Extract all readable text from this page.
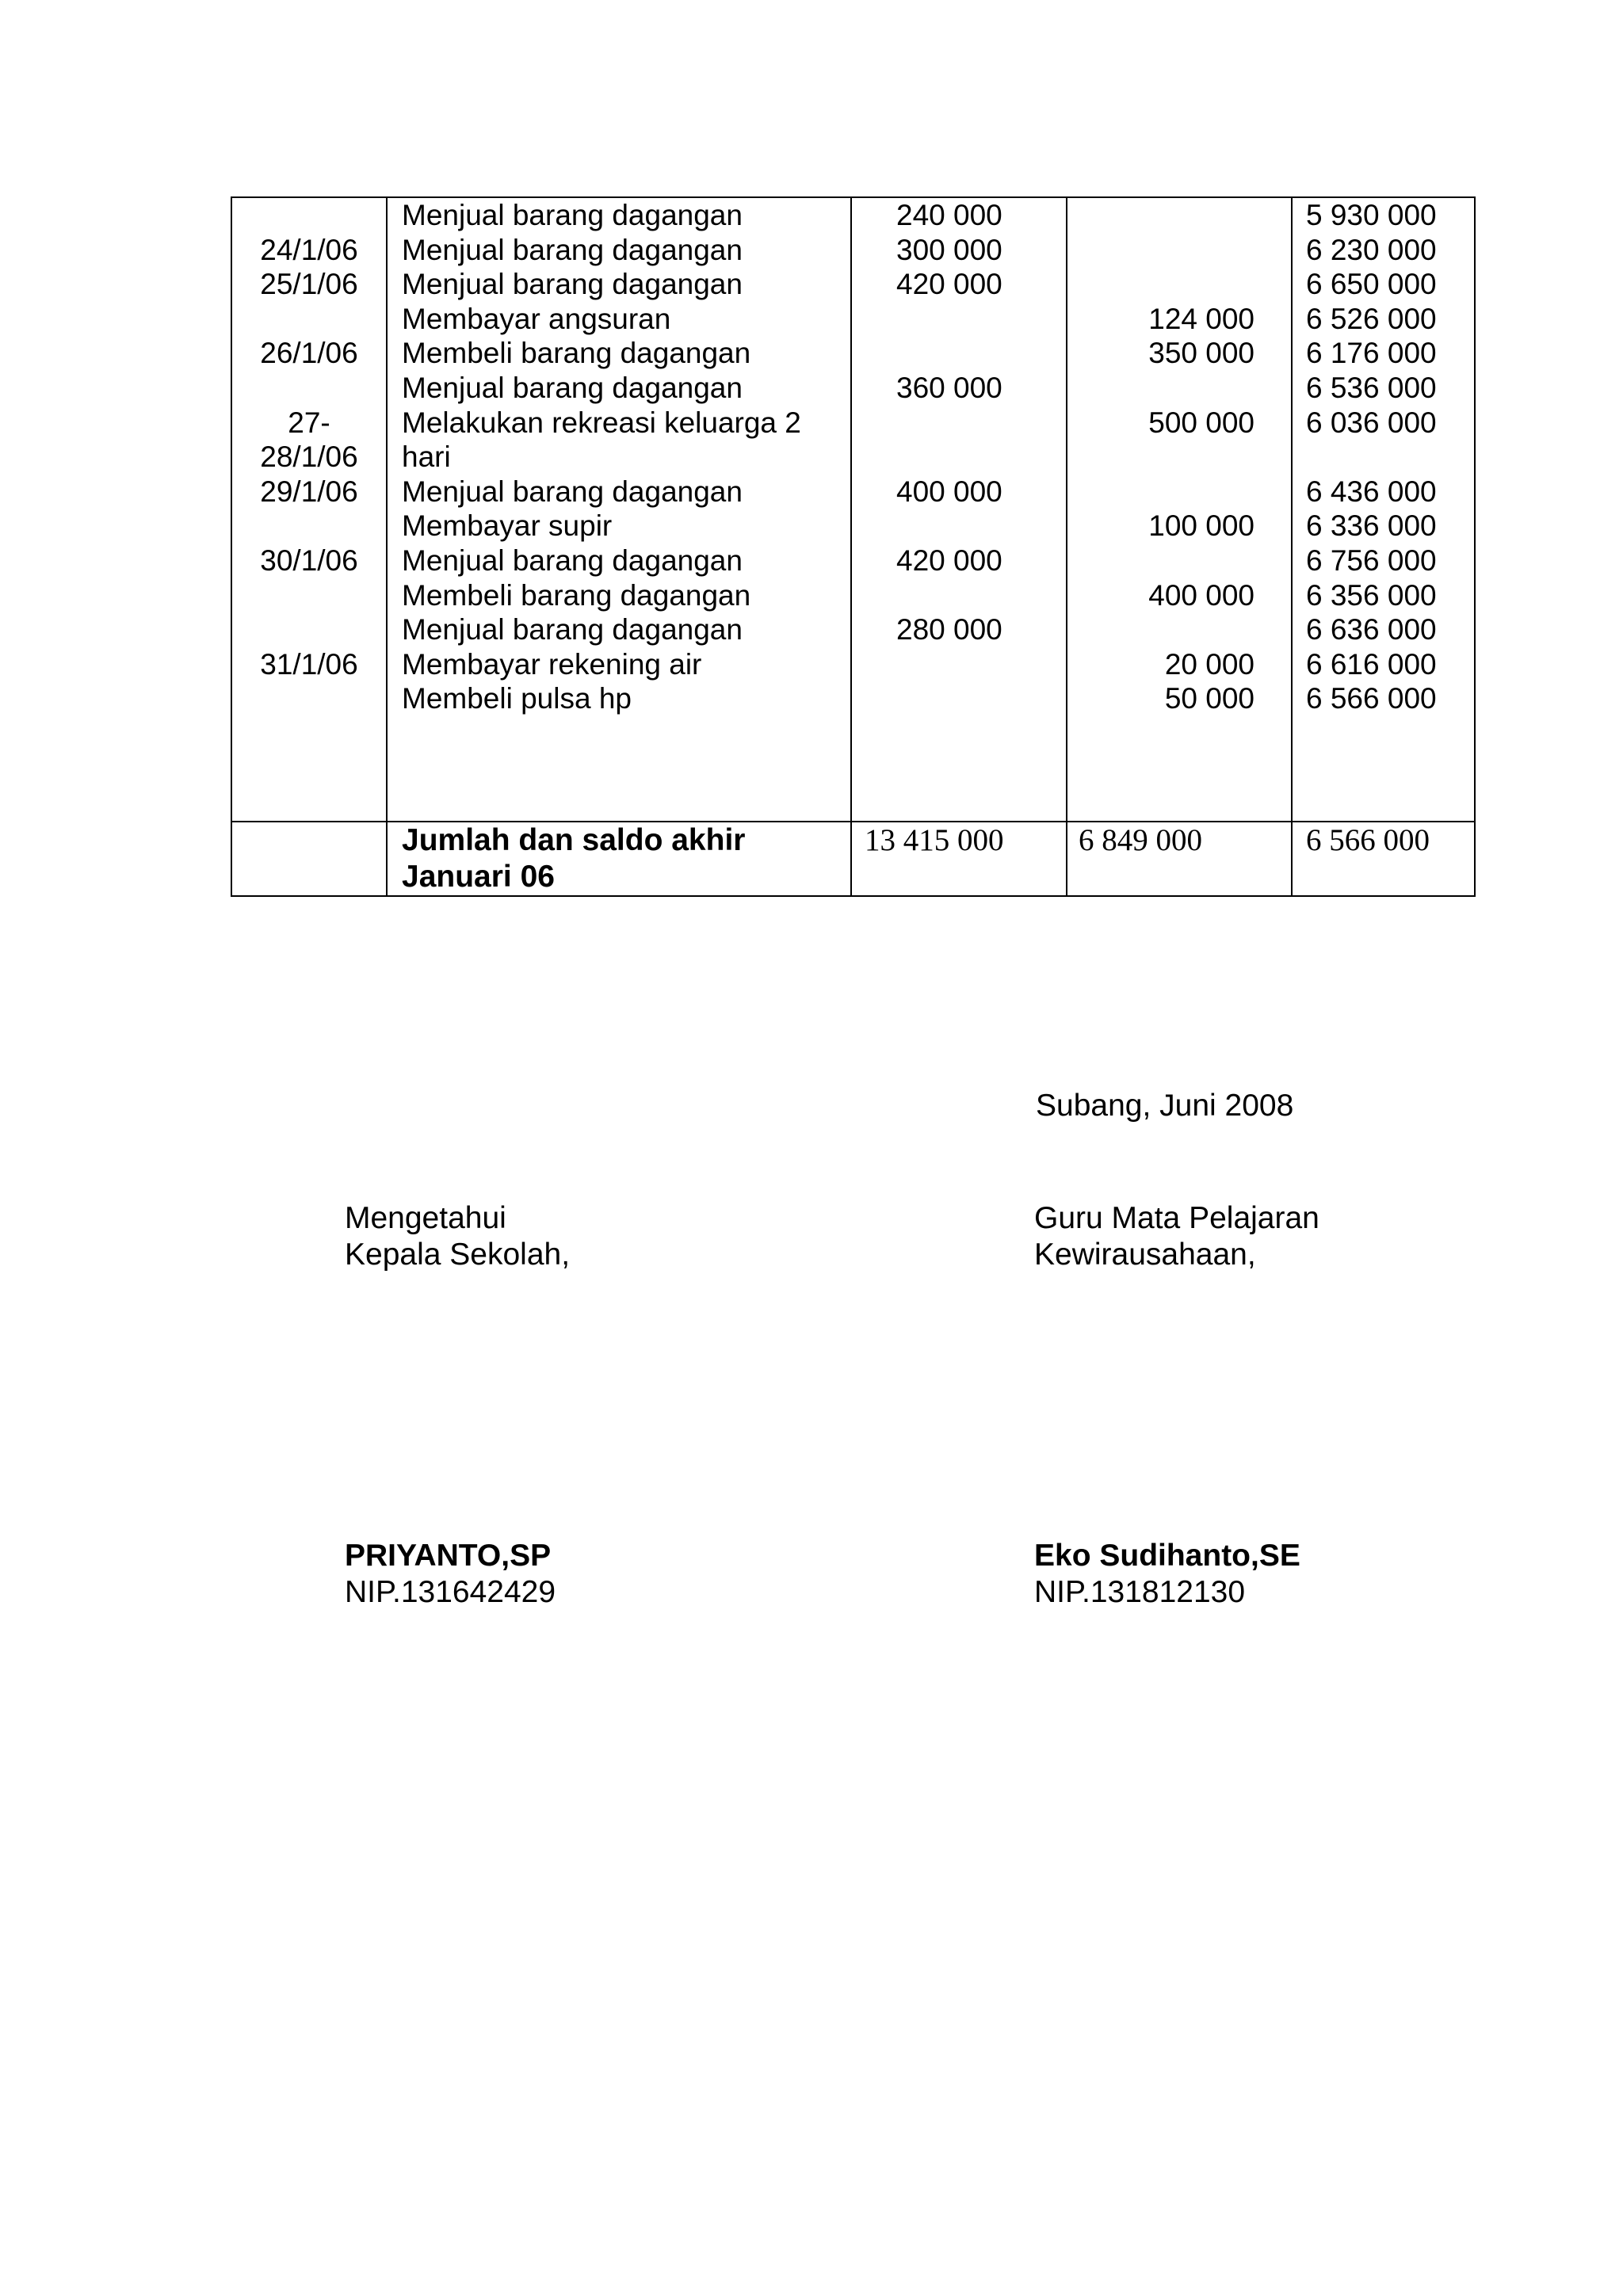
24/1/06
25/1/06

26/1/06

27-
28/1/06
29/1/06

30/1/06

31/1/06

Menjual barang dagangan
Menjual barang dagangan
Menjual barang dagangan
Membayar angsuran
Membeli barang dagangan
Menjual barang dagangan
Melakukan rekreasi keluarga 2
hari
Menjual barang dagangan
Membayar supir
Menjual barang dagangan
Membeli barang dagangan
Menjual barang dagangan
Membayar rekening air
Membeli pulsa hp
240 000
300 000
420 000

360 000

400 000

420 000

280 000

124 000
350 000

500 000

100 000

400 000

20 000
50 000
5 930 000
6 230 000
6 650 000
6 526 000
6 176 000
6 536 000
6 036 000

6 436 000
6 336 000
6 756 000
6 356 000
6 636 000
6 616 000
6 566 000
Jumlah dan saldo akhir
Januari 06
13 415 000 6 849 000	6 566 000
Subang, Juni 2008
Mengetahui
Kepala Sekolah,
Guru Mata Pelajaran
Kewirausahaan,
PRIYANTO,SP
NIP.131642429
Eko Sudihanto,SE
NIP.131812130
